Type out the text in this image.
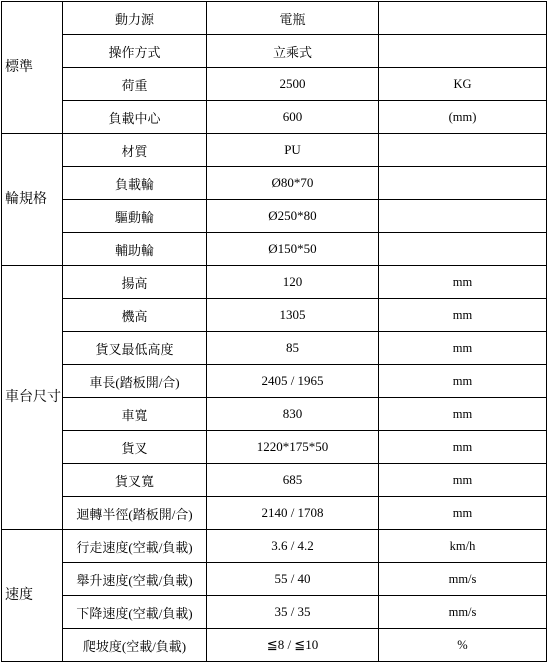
標準	動力源	電瓶	
	操作方式	立乘式	
	荷重	2500	KG
	負載中心	600	(mm)
輪規格	材質	PU	
	負載輪	Ø80*70	
	驅動輪	Ø250*80	
	輔助輪	Ø150*50	
車台尺寸	揚高	120	mm
	機高	1305	mm
	貨叉最低高度	85	mm
	車長(踏板開/合)	2405 / 1965	mm
	車寬	830	mm
	貨叉	1220*175*50	mm
	貨叉寬	685	mm
	迴轉半徑(踏板開/合)	2140 / 1708	mm
速度	行走速度(空載/負載)	3.6 / 4.2	km/h
	舉升速度(空載/負載)	55 / 40	mm/s
	下降速度(空載/負載)	35 / 35	mm/s
	爬坡度(空載/負載)	≦8 / ≦10	%
